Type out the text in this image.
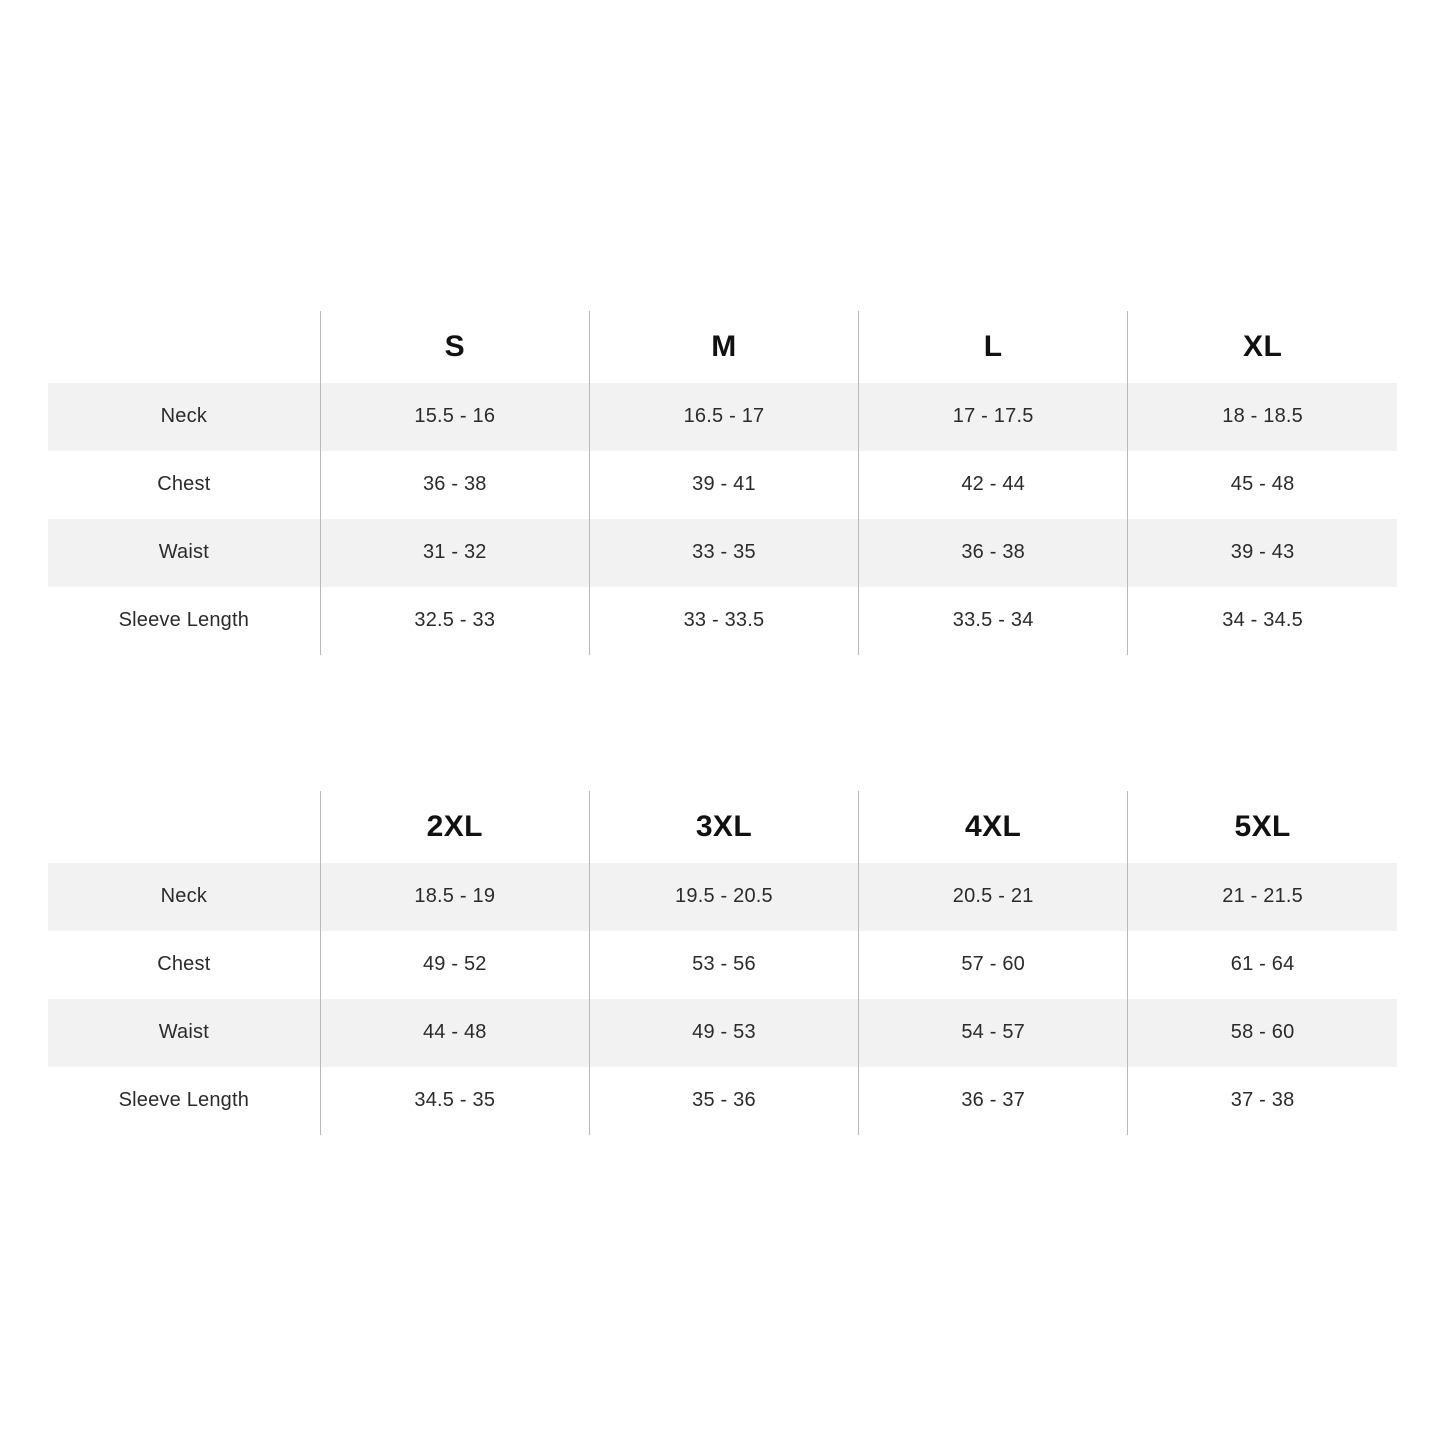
	S	M	L	XL
Neck	15.5 - 16	16.5 - 17	17 - 17.5	18 - 18.5
Chest	36 - 38	39 - 41	42 - 44	45 - 48
Waist	31 - 32	33 - 35	36 - 38	39 - 43
Sleeve Length	32.5 - 33	33 - 33.5	33.5 - 34	34 - 34.5
	2XL	3XL	4XL	5XL
Neck	18.5 - 19	19.5 - 20.5	20.5 - 21	21 - 21.5
Chest	49 - 52	53 - 56	57 - 60	61 - 64
Waist	44 - 48	49 - 53	54 - 57	58 - 60
Sleeve Length	34.5 - 35	35 - 36	36 - 37	37 - 38
